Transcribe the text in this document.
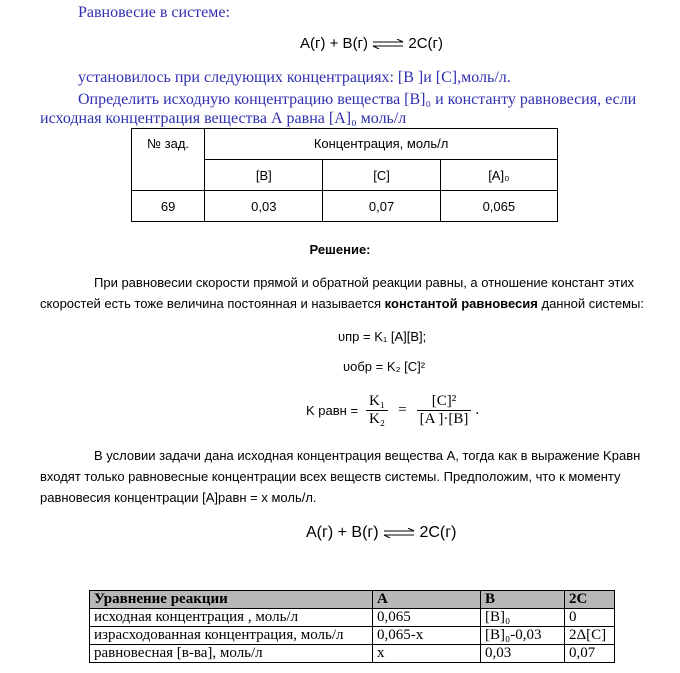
Равновесие в системе:
A(г) + B(г) ⇌ 2C(г)
установилось при следующих концентрациях: [B ]и [C],моль/л.
Определить исходную концентрацию вещества [B]₀ и константу равновесия, если
исходная концентрация вещества А равна [A]₀ моль/л
№ зад.	Концентрация, моль/л		
	[B]	[C]	[A]₀
69	0,03	0,07	0,065
Решение:
При равновесии скорости прямой и обратной реакции равны, а отношение констант этих
скоростей есть тоже величина постоянная и называется константой равновесия данной системы:
υпр = K₁ [A][B];
υобр = K₂ [C]²
K равн = $\frac{\text{K₁}}{\text{K₂}} = \frac{\text{[C]²}}{[A ]\cdot[B]}$ .
В условии задачи дана исходная концентрация вещества А, тогда как в выражение Kравн
входят только равновесные концентрации всех веществ системы. Предположим, что к моменту
равновесия концентрации [A]равн = x моль/л.
A(г) + B(г) ⇌ 2C(г)
Уравнение реакции	A	B	2C
исходная концентрация , моль/л	0,065	[B]₀	0
израсходованная концентрация, моль/л	0,065-x	[B]₀-0,03	2Δ[C]
равновесная [в-ва], моль/л	x	0,03	0,07
